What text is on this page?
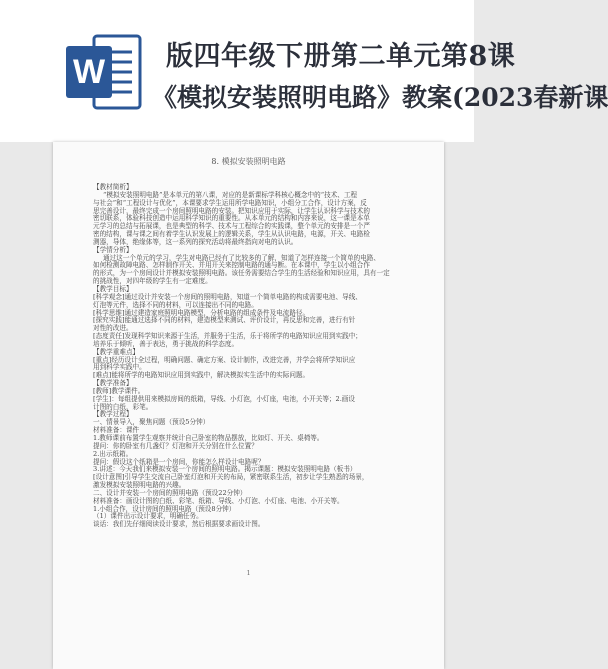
W 版四年级下册第二单元第8课
《模拟安装照明电路》教案(2023春新课
8. 模拟安装照明电路
【教材简析】
“模拟安装照明电路”是本单元的第八课，对应的是新课标学科核心概念中的“技术、工程
与社会”和“工程设计与优化”，本课要求学生运用所学电路知识，小组分工合作，设计方案，反
思完善设计，最终完成一个房间照明电路的安装。把知识应用于实际，让学生认识科学与技术的
密切联系，体验科技创造中运用科学知识的重要性。从本单元的结构和内容来说，这一课是本单
元学习的总结与拓展课，也是典型的科学、技术与工程综合的实践课，整个单元的安排是一个严
密的结构，课与课之间有着学生认识发展上的逻辑关系，学生从认识电路，电源，开关、电路检
测器，导体，绝缘体等，这一系列的探究活动将最终指向对电的认识。
【学情分析】
通过这一个单元的学习，学生对电路已经有了比较多的了解，知道了怎样连接一个简单的电路、
如何检测故障电路、怎样制作开关、并用开关来控制电路的通与断。在本课中，学生以小组合作
的形式，为一个房间设计并模拟安装照明电路。该任务需要结合学生的生活经验和知识应用，具有一定
的挑战性，对四年级的学生有一定难度。
【教学目标】
[科学观念]通过设计并安装一个房间的照明电路，知道一个简单电路的构成需要电池、导线、
灯泡等元件，选择不同的材料，可以连接出不同的电路。
[科学思维]通过建造家庭照明电路模型，分析电路的组成条件及电流路径。
[探究实践]能通过选择不同的材料，建造模型来测试、评价设计，再反思和完善，进行有针
对性的改进。
[态度责任]发现科学知识来源于生活，并服务于生活，乐于将所学的电路知识应用到实践中；
培养乐于倾听，善于表达，勇于挑战的科学态度。
【教学重难点】
[重点]经历设计全过程，明确问题、确定方案、设计制作，改进完善，并学会将所学知识应
用到科学实践中。
[难点]能将所学的电路知识应用到实践中，解决模拟实生活中的实际问题。
【教学准备】
[教师]教学课件。
[学生]：每组提供用来模拟房间的纸箱，导线、小灯泡，小灯座，电池，小开关等；2.画设
计图的白纸，彩笔。
【教学过程】
一、情景导入，聚焦问题（预设5分钟）
材料准备：课件
1.教师课前布置学生观察并统计自己卧室的物品摆放，比如灯、开关、桌椅等。
提问：你的卧室有几盏灯？灯泡和开关分别在什么位置？
2.出示纸箱。
提问：假设这个纸箱是一个房间，你能怎么样设计电路呢？
3.讲述：今天我们来模拟安装一个房间的照明电路。揭示课题：模拟安装照明电路（板书）
[设计意图]引导学生交流自己卧室灯泡和开关的布局，紧密联系生活，初步让学生熟悉的场景，
激发模拟安装照明电路的兴趣。
二、设计并安装一个房间的照明电路（预设22分钟）
材料准备：画设计图的白纸、彩笔、纸箱、导线、小灯泡、小灯座、电池、小开关等。
1.小组合作，设计房间的照明电路（预设8分钟）
（1）课件出示设计要求，明确任务。
谈话：我们先仔细阅读设计要求，然后根据要求画设计图。
1
